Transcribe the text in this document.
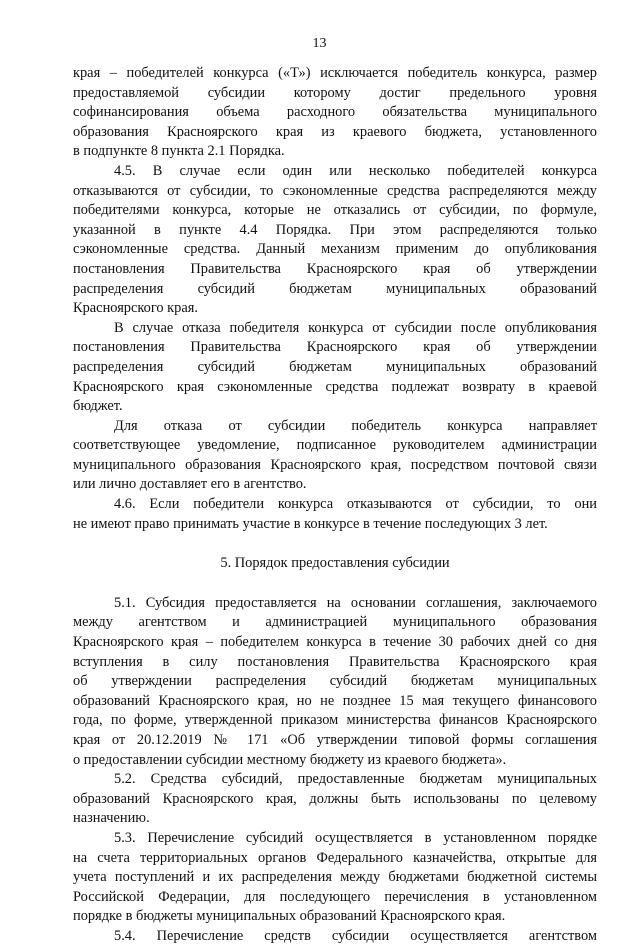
13
края – победителей конкурса («Т») исключается победитель конкурса, размер
предоставляемой субсидии которому достиг предельного уровня
софинансирования объема расходного обязательства муниципального
образования Красноярского края из краевого бюджета, установленного
в подпункте 8 пункта 2.1 Порядка.
4.5. В случае если один или несколько победителей конкурса
отказываются от субсидии, то сэкономленные средства распределяются между
победителями конкурса, которые не отказались от субсидии, по формуле,
указанной в пункте 4.4 Порядка. При этом распределяются только
сэкономленные средства. Данный механизм применим до опубликования
постановления Правительства Красноярского края об утверждении
распределения субсидий бюджетам муниципальных образований
Красноярского края.
В случае отказа победителя конкурса от субсидии после опубликования
постановления Правительства Красноярского края об утверждении
распределения субсидий бюджетам муниципальных образований
Красноярского края сэкономленные средства подлежат возврату в краевой
бюджет.
Для отказа от субсидии победитель конкурса направляет
соответствующее уведомление, подписанное руководителем администрации
муниципального образования Красноярского края, посредством почтовой связи
или лично доставляет его в агентство.
4.6. Если победители конкурса отказываются от субсидии, то они
не имеют право принимать участие в конкурсе в течение последующих 3 лет.
5. Порядок предоставления субсидии
5.1. Субсидия предоставляется на основании соглашения, заключаемого
между агентством и администрацией муниципального образования
Красноярского края – победителем конкурса в течение 30 рабочих дней со дня
вступления в силу постановления Правительства Красноярского края
об утверждении распределения субсидий бюджетам муниципальных
образований Красноярского края, но не позднее 15 мая текущего финансового
года, по форме, утвержденной приказом министерства финансов Красноярского
края от 20.12.2019 № 171 «Об утверждении типовой формы соглашения
о предоставлении субсидии местному бюджету из краевого бюджета».
5.2. Средства субсидий, предоставленные бюджетам муниципальных
образований Красноярского края, должны быть использованы по целевому
назначению.
5.3. Перечисление субсидий осуществляется в установленном порядке
на счета территориальных органов Федерального казначейства, открытые для
учета поступлений и их распределения между бюджетами бюджетной системы
Российской Федерации, для последующего перечисления в установленном
порядке в бюджеты муниципальных образований Красноярского края.
5.4. Перечисление средств субсидии осуществляется агентством
